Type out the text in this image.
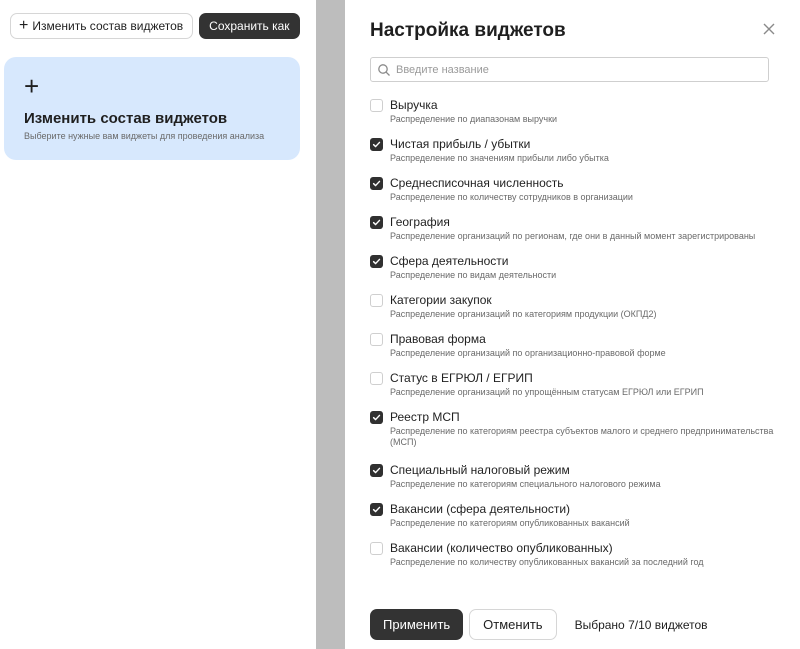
+ Изменить состав виджетов	Сохранить как
+
Изменить состав виджетов

Выберите нужные вам виджеты для проведения анализа

Настройка виджетов
Введите название
Выручка
Распределение по диапазонам выручки
Чистая прибыль / убытки
Распределение по значениям прибыли либо убытка
Среднесписочная численность
Распределение по количеству сотрудников в организации
География
Распределение организаций по регионам, где они в данный момент зарегистрированы
Сфера деятельности
Распределение по видам деятельности
Категории закупок
Распределение организаций по категориям продукции (ОКПД2)
Правовая форма
Распределение организаций по организационно-правовой форме
Статус в ЕГРЮЛ / ЕГРИП
Распределение организаций по упрощённым статусам ЕГРЮЛ или ЕГРИП
Реестр МСП
Распределение по категориям реестра субъектов малого и среднего предпринимательства (МСП)
Специальный налоговый режим
Распределение по категориям специального налогового режима
Вакансии (сфера деятельности)
Распределение по категориям опубликованных вакансий
Вакансии (количество опубликованных)
Распределение по количеству опубликованных вакансий за последний год
Применить	Отменить	Выбрано 7/10 виджетов
